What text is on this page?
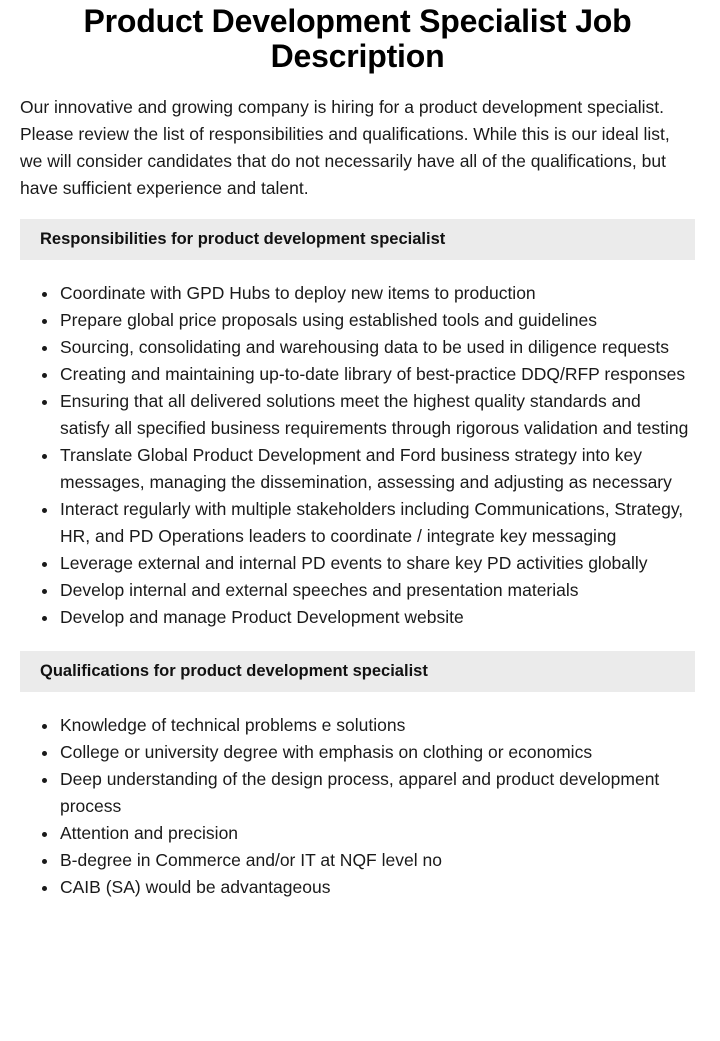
Product Development Specialist Job Description

Our innovative and growing company is hiring for a product development specialist. Please review the list of responsibilities and qualifications. While this is our ideal list, we will consider candidates that do not necessarily have all of the qualifications, but have sufficient experience and talent.

Responsibilities for product development specialist
Coordinate with GPD Hubs to deploy new items to production
Prepare global price proposals using established tools and guidelines
Sourcing, consolidating and warehousing data to be used in diligence requests
Creating and maintaining up-to-date library of best-practice DDQ/RFP responses
Ensuring that all delivered solutions meet the highest quality standards and satisfy all specified business requirements through rigorous validation and testing
Translate Global Product Development and Ford business strategy into key messages, managing the dissemination, assessing and adjusting as necessary
Interact regularly with multiple stakeholders including Communications, Strategy, HR, and PD Operations leaders to coordinate / integrate key messaging
Leverage external and internal PD events to share key PD activities globally
Develop internal and external speeches and presentation materials
Develop and manage Product Development website
Qualifications for product development specialist
Knowledge of technical problems e solutions
College or university degree with emphasis on clothing or economics
Deep understanding of the design process, apparel and product development process
Attention and precision
B-degree in Commerce and/or IT at NQF level no
CAIB (SA) would be advantageous
